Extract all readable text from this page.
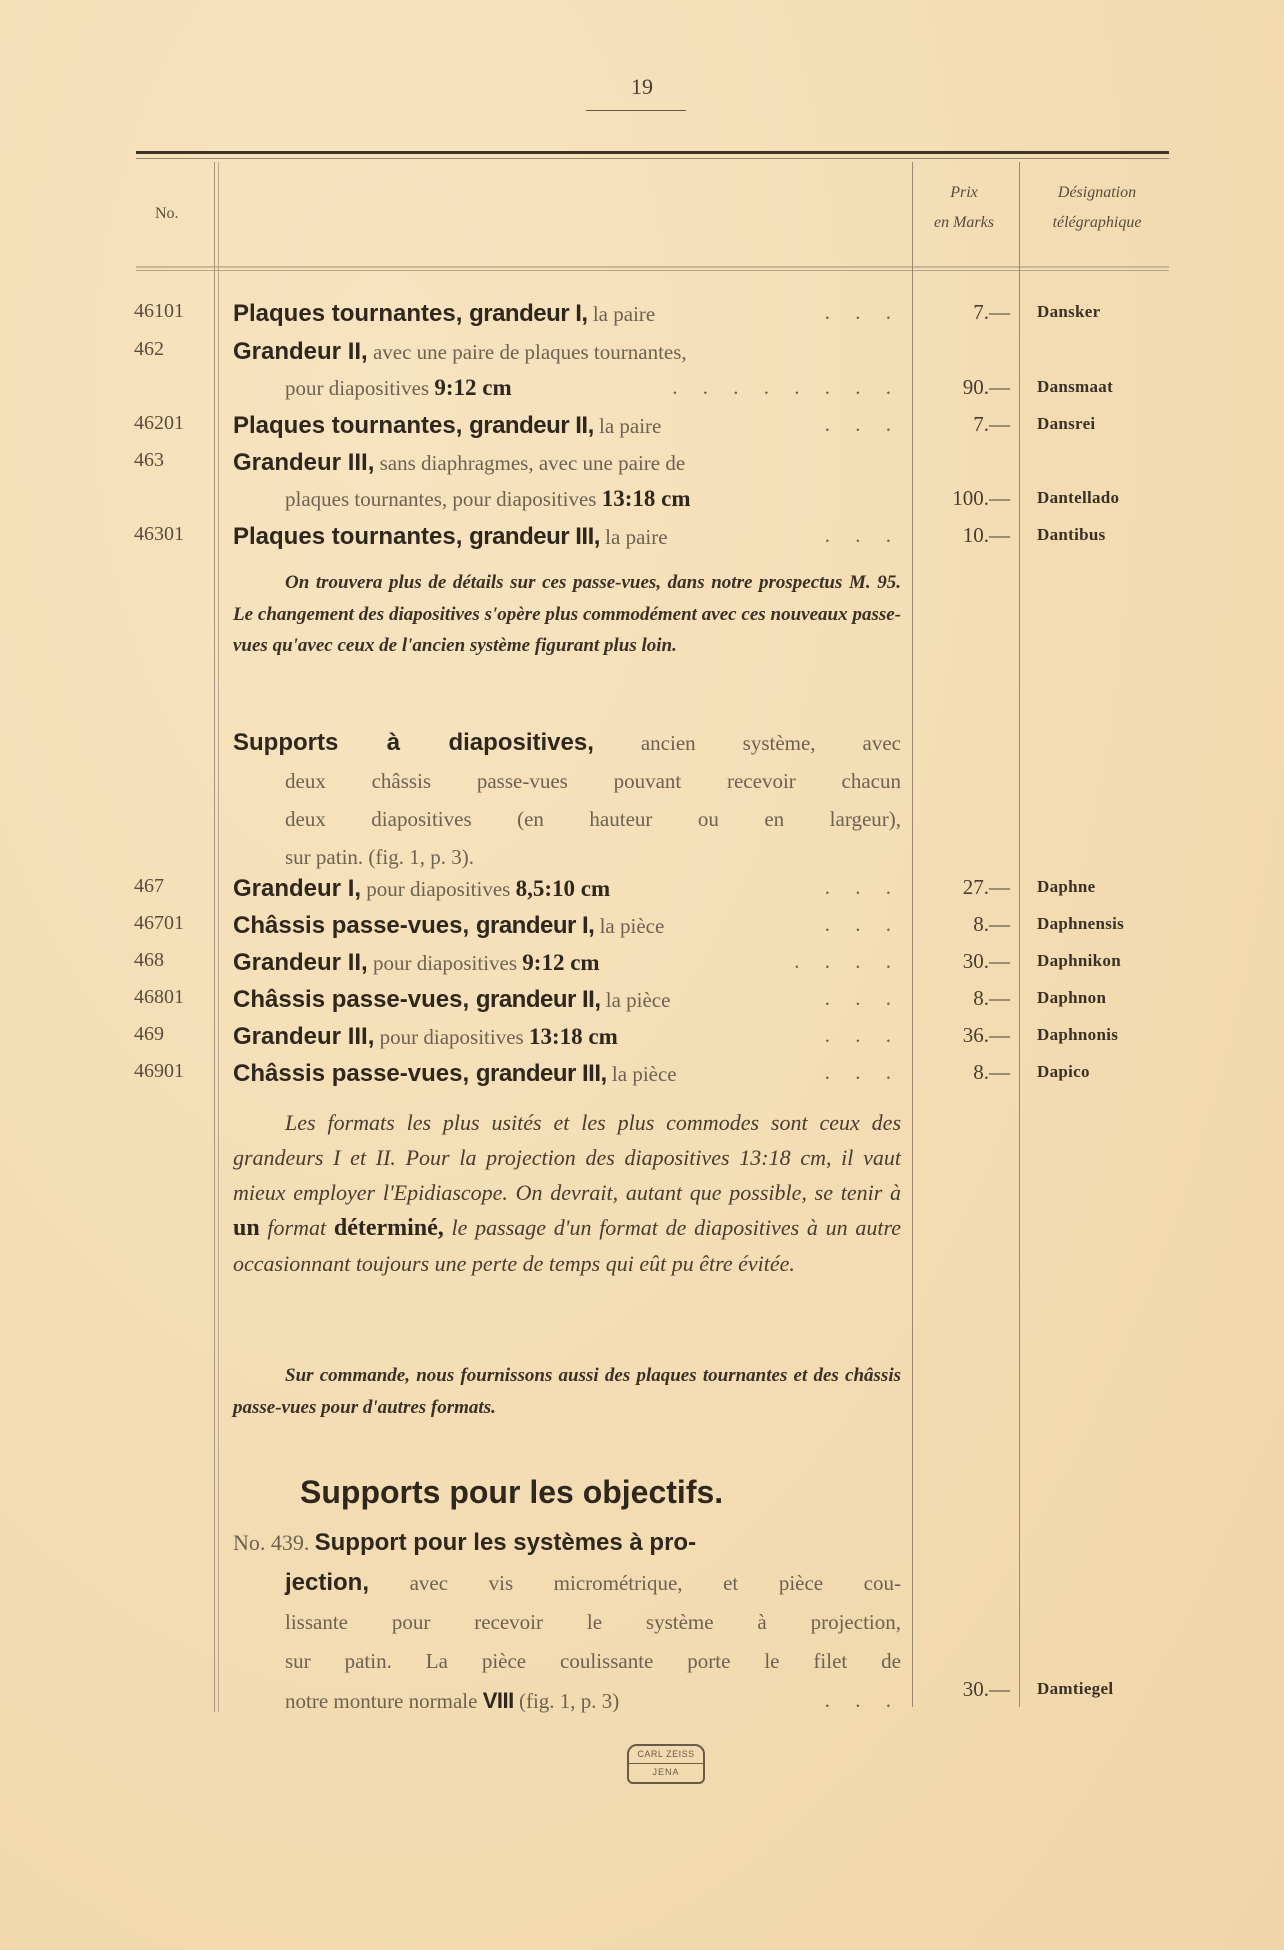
19
No.
Prix
en Marks
Désignation
télégraphique
46101 Plaques tournantes, grandeur I, la paire	. . .	7.— Dansker
462	Grandeur II, avec une paire de plaques tournantes,
pour diapositives 9:12 cm	. . . . . . . .	90.— Dansmaat
46201 Plaques tournantes, grandeur II, la paire	. . .	7.— Dansrei
463	Grandeur III, sans diaphragmes, avec une paire de
plaques tournantes, pour diapositives 13:18 cm	100.— Dantellado
46301 Plaques tournantes, grandeur III, la paire	. . .	10.— Dantibus
On trouvera plus de détails sur ces passe-vues, dans notre prospectus M. 95. Le changement des diapositives s'opère plus commodément avec ces nouveaux passe-vues qu'avec ceux de l'ancien système figurant plus loin.
Supports à diapositives, ancien système, avec
deux châssis passe-vues pouvant recevoir chacun
deux diapositives (en hauteur ou en largeur),
sur patin. (fig. 1, p. 3).
467	Grandeur I, pour diapositives 8,5:10 cm	. . .	27.— Daphne
46701 Châssis passe-vues, grandeur I, la pièce	. . .	8.— Daphnensis
468	Grandeur II, pour diapositives 9:12 cm	. . . .	30.— Daphnikon
46801 Châssis passe-vues, grandeur II, la pièce	. . .	8.— Daphnon
469	Grandeur III, pour diapositives 13:18 cm	. . .	36.— Daphnonis
46901 Châssis passe-vues, grandeur III, la pièce	. . .	8.— Dapico
Les formats les plus usités et les plus commodes sont ceux des grandeurs I et II. Pour la projection des diapositives 13:18 cm, il vaut mieux employer l'Epidiascope. On devrait, autant que possible, se tenir à un format déterminé, le passage d'un format de diapositives à un autre occasionnant toujours une perte de temps qui eût pu être évitée.
Sur commande, nous fournissons aussi des plaques tournantes et des châssis passe-vues pour d'autres formats.
Supports pour les objectifs.
No. 439. Support pour les systèmes à pro-
jection, avec vis micrométrique, et pièce cou-
lissante pour recevoir le système à projection,
sur patin. La pièce coulissante porte le filet de
notre monture normale VIII (fig. 1, p. 3)	. . .	30.— Damtiegel
CARL ZEISS
JENA
